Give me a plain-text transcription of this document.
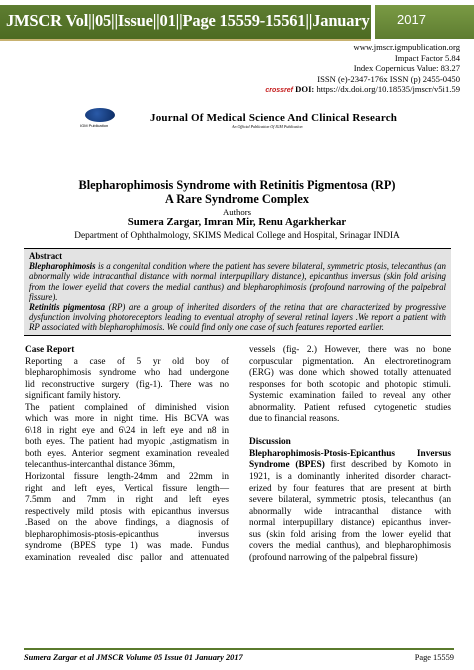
JMSCR Vol||05||Issue||01||Page 15559-15561||January 2017
www.jmscr.igmpublication.org
Impact Factor 5.84
Index Copernicus Value: 83.27
ISSN (e)-2347-176x ISSN (p) 2455-0450
crossref DOI: https://dx.doi.org/10.18535/jmscr/v5i1.59
IGM Publication
Journal Of Medical Science And Clinical Research
An Official Publication Of IGM Publication
Blepharophimosis Syndrome with Retinitis Pigmentosa (RP)
A Rare Syndrome Complex
Authors
Sumera Zargar, Imran Mir, Renu Agarkherkar
Department of Ophthalmology, SKIMS Medical College and Hospital, Srinagar INDIA
Abstract
Blepharophimosis is a congenital condition where the patient has severe bilateral, symmetric ptosis, telecanthus (an abnormally wide intracanthal distance with normal interpupillary distance), epicanthus inversus (skin fold arising from the lower eyelid that covers the medial canthus) and blepharophimosis (profound narrowing of the palpebral fissure).
Retinitis pigmentosa (RP) are a group of inherited disorders of the retina that are characterized by progressive dysfunction involving photoreceptors leading to eventual atrophy of several retinal layers .We report a patient with RP associated with blepharophimosis. We could find only one case of such features reported earlier.
Case Report
Reporting a case of 5 yr old boy of
blepharophimosis syndrome who had undergone
lid reconstructive surgery (fig-1). There was no
significant family history.
The patient complained of diminished vision
which was more in night time. His BCVA was
6\18 in right eye and 6\24 in left eye and n8 in
both eyes. The patient had myopic ,astigmatism in
both eyes. Anterior segment examination revealed
telecanthus-intercanthal distance 36mm,
Horizontal fissure length-24mm and 22mm in
right and left eyes, Vertical fissure length—
7.5mm and 7mm in right and left eyes
respectively mild ptosis with epicanthus inversus
.Based on the above findings, a diagnosis of
blepharophimosis-ptosis-epicanthus inversus
syndrome (BPES type 1) was made. Fundus
examination revealed disc pallor and attenuated
vessels (fig- 2.) However, there was no bone
corpuscular pigmentation. An electroretinogram
(ERG) was done which showed totally attenuated
responses for both scotopic and photopic stimuli.
Systemic examination failed to reveal any other
abnormality. Patient refused cytogenetic studies
due to financial reasons.
Discussion
Blepharophimosis-Ptosis-Epicanthus Inversus
Syndrome (BPES) first described by Komoto in
1921, is a dominantly inherited disorder charact-
erized by four features that are present at birth
severe bilateral, symmetric ptosis, telecanthus (an
abnormally wide intracanthal distance with
normal interpupillary distance) epicanthus inver-
sus (skin fold arising from the lower eyelid that
covers the medial canthus), and blepharophimosis
(profound narrowing of the palpebral fissure)
Sumera Zargar et al JMSCR Volume 05 Issue 01 January 2017	Page 15559
